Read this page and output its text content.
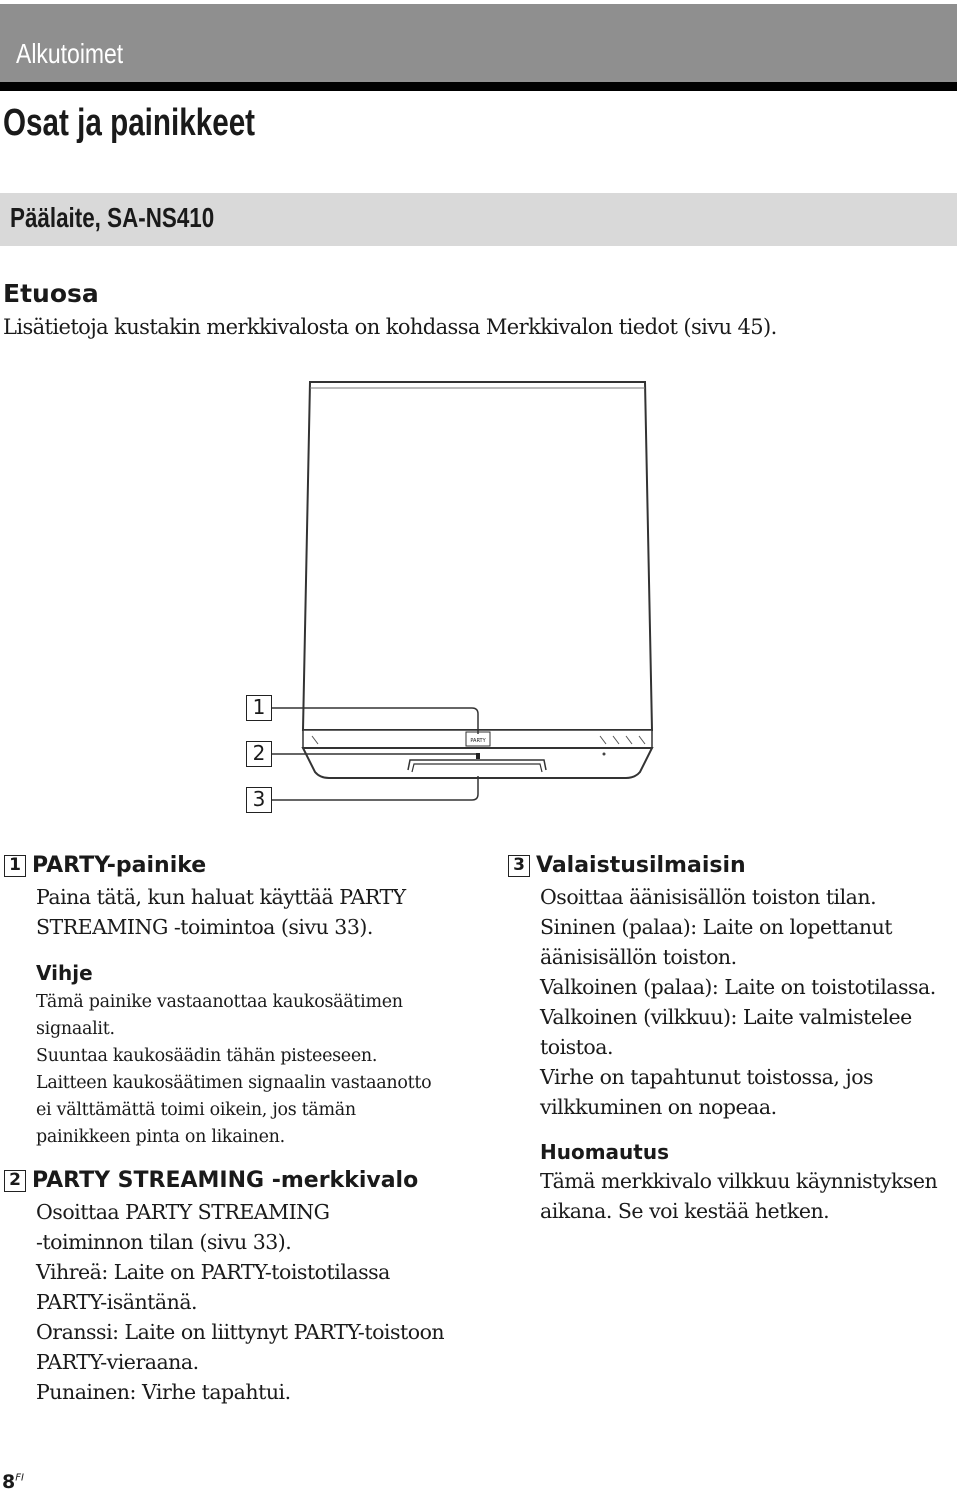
Alkutoimet
Osat ja painikkeet
Päälaite, SA-NS410
Etuosa
Lisätietoja kustakin merkkivalosta on kohdassa Merkkivalon tiedot (sivu 45).
PARTY
1
2
3
1 PARTY-painike
Paina tätä, kun haluat käyttää PARTY
STREAMING -toimintoa (sivu 33).
Vihje
Tämä painike vastaanottaa kaukosäätimen
signaalit.
Suuntaa kaukosäädin tähän pisteeseen.
Laitteen kaukosäätimen signaalin vastaanotto
ei välttämättä toimi oikein, jos tämän
painikkeen pinta on likainen.
2 PARTY STREAMING -merkkivalo
Osoittaa PARTY STREAMING
-toiminnon tilan (sivu 33).
Vihreä: Laite on PARTY-toistotilassa
PARTY-isäntänä.
Oranssi: Laite on liittynyt PARTY-toistoon
PARTY-vieraana.
Punainen: Virhe tapahtui.
3 Valaistusilmaisin
Osoittaa äänisisällön toiston tilan.
Sininen (palaa): Laite on lopettanut
äänisisällön toiston.
Valkoinen (palaa): Laite on toistotilassa.
Valkoinen (vilkkuu): Laite valmistelee
toistoa.
Virhe on tapahtunut toistossa, jos
vilkkuminen on nopeaa.
Huomautus
Tämä merkkivalo vilkkuu käynnistyksen
aikana. Se voi kestää hetken.
$8^{FI}$
